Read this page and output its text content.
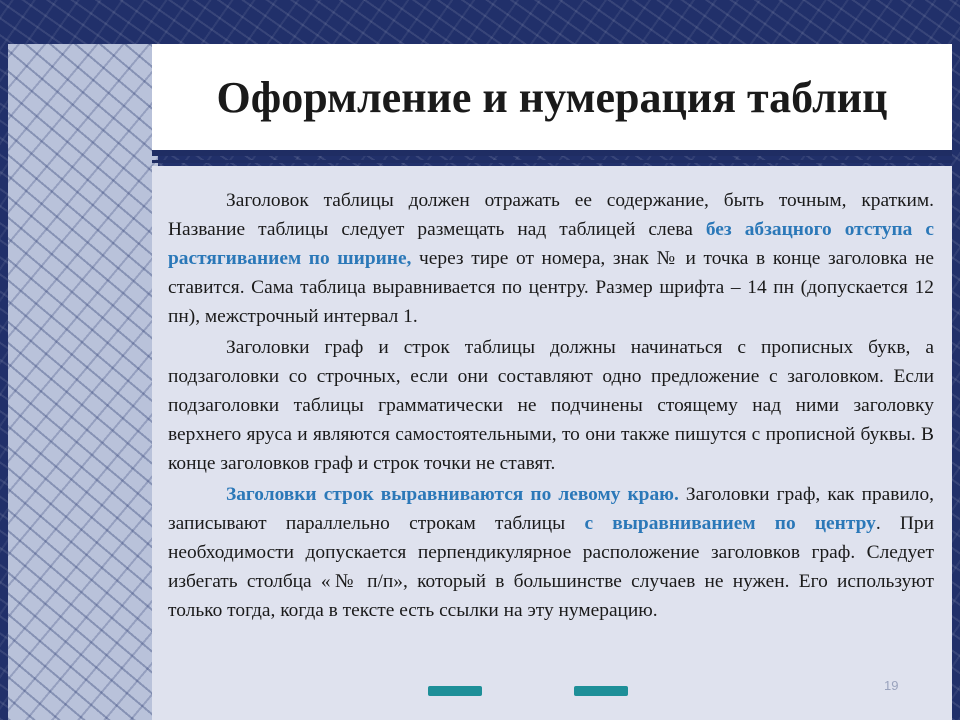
Оформление и нумерация таблиц

Заголовок таблицы должен отражать ее содержание, быть точным, кратким. Название таблицы следует размещать над таблицей слева без абзацного отступа с растягиванием по ширине, через тире от номера, знак № и точка в конце заголовка не ставится. Сама таблица выравнивается по центру. Размер шрифта – 14 пн (допускается 12 пн), межстрочный интервал 1.

Заголовки граф и строк таблицы должны начинаться с прописных букв, а подзаголовки со строчных, если они составляют одно предложение с заголовком. Если подзаголовки таблицы грамматически не подчинены стоящему над ними заголовку верхнего яруса и являются самостоятельными, то они также пишутся с прописной буквы. В конце заголовков граф и строк точки не ставят.

Заголовки строк выравниваются по левому краю. Заголовки граф, как правило, записывают параллельно строкам таблицы с выравниванием по центру. При необходимости допускается перпендикулярное расположение заголовков граф. Следует избегать столбца «№ п/п», который в большинстве случаев не нужен. Его используют только тогда, когда в тексте есть ссылки на эту нумерацию.

19
